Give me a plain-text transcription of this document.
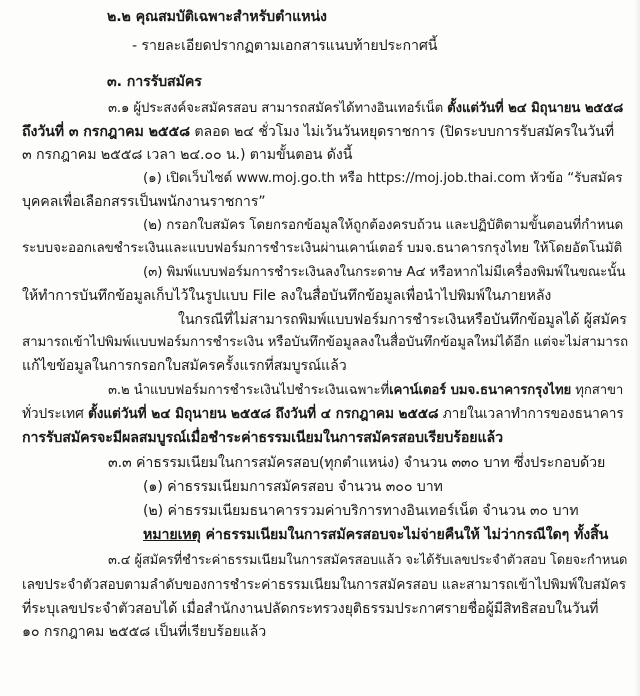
๒.๒ คุณสมบัติเฉพาะสำหรับตำแหน่ง
- รายละเอียดปรากฏตามเอกสารแนบท้ายประกาศนี้
๓. การรับสมัคร
๓.๑ ผู้ประสงค์จะสมัครสอบ สามารถสมัครได้ทางอินเทอร์เน็ต ตั้งแต่วันที่ ๒๔ มิถุนายน ๒๕๕๘
ถึงวันที่ ๓ กรกฎาคม ๒๕๕๘ ตลอด ๒๔ ชั่วโมง ไม่เว้นวันหยุดราชการ (ปิดระบบการรับสมัครในวันที่
๓ กรกฎาคม ๒๕๕๘ เวลา ๒๔.๐๐ น.) ตามขั้นตอน ดังนี้
(๑) เปิดเว็บไซต์ www.moj.go.th หรือ https://moj.job.thai.com หัวข้อ “รับสมัคร
บุคคลเพื่อเลือกสรรเป็นพนักงานราชการ”
(๒) กรอกใบสมัคร โดยกรอกข้อมูลให้ถูกต้องครบถ้วน และปฏิบัติตามขั้นตอนที่กำหนด
ระบบจะออกเลขชำระเงินและแบบฟอร์มการชำระเงินผ่านเคาน์เตอร์ บมจ.ธนาคารกรุงไทย ให้โดยอัตโนมัติ
(๓) พิมพ์แบบฟอร์มการชำระเงินลงในกระดาษ A๔ หรือหากไม่มีเครื่องพิมพ์ในขณะนั้น
ให้ทำการบันทึกข้อมูลเก็บไว้ในรูปแบบ File ลงในสื่อบันทึกข้อมูลเพื่อนำไปพิมพ์ในภายหลัง
ในกรณีที่ไม่สามารถพิมพ์แบบฟอร์มการชำระเงินหรือบันทึกข้อมูลได้ ผู้สมัคร
สามารถเข้าไปพิมพ์แบบฟอร์มการชำระเงิน หรือบันทึกข้อมูลลงในสื่อบันทึกข้อมูลใหม่ได้อีก แต่จะไม่สามารถ
แก้ไขข้อมูลในการกรอกใบสมัครครั้งแรกที่สมบูรณ์แล้ว
๓.๒ นำแบบฟอร์มการชำระเงินไปชำระเงินเฉพาะที่เคาน์เตอร์ บมจ.ธนาคารกรุงไทย ทุกสาขา
ทั่วประเทศ ตั้งแต่วันที่ ๒๔ มิถุนายน ๒๕๕๘ ถึงวันที่ ๔ กรกฎาคม ๒๕๕๘ ภายในเวลาทำการของธนาคาร
การรับสมัครจะมีผลสมบูรณ์เมื่อชำระค่าธรรมเนียมในการสมัครสอบเรียบร้อยแล้ว
๓.๓ ค่าธรรมเนียมในการสมัครสอบ(ทุกตำแหน่ง) จำนวน ๓๓๐ บาท ซึ่งประกอบด้วย
(๑) ค่าธรรมเนียมการสมัครสอบ จำนวน ๓๐๐ บาท
(๒) ค่าธรรมเนียมธนาคารรวมค่าบริการทางอินเทอร์เน็ต จำนวน ๓๐ บาท
หมายเหตุ ค่าธรรมเนียมในการสมัครสอบจะไม่จ่ายคืนให้ ไม่ว่ากรณีใดๆ ทั้งสิ้น
๓.๔ ผู้สมัครที่ชำระค่าธรรมเนียมในการสมัครสอบแล้ว จะได้รับเลขประจำตัวสอบ โดยจะกำหนด
เลขประจำตัวสอบตามลำดับของการชำระค่าธรรมเนียมในการสมัครสอบ และสามารถเข้าไปพิมพ์ใบสมัคร
ที่ระบุเลขประจำตัวสอบได้ เมื่อสำนักงานปลัดกระทรวงยุติธรรมประกาศรายชื่อผู้มีสิทธิสอบในวันที่
๑๐ กรกฎาคม ๒๕๕๘ เป็นที่เรียบร้อยแล้ว
